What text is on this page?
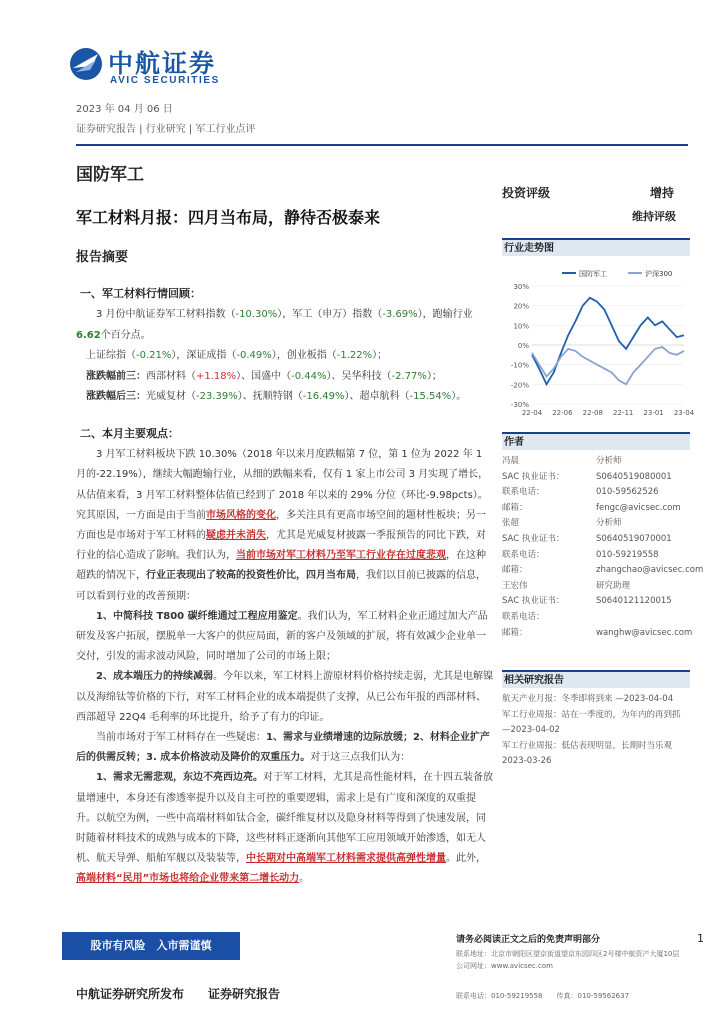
中航证券
AVIC SECURITIES
2023 年 04 月 06 日
证券研究报告 | 行业研究 | 军工行业点评
国防军工
投资评级	增持
维持评级
军工材料月报：四月当布局，静待否极泰来
报告摘要

一、军工材料行情回顾：

3 月份中航证券军工材料指数（-10.30%），军工（申万）指数（-3.69%），跑输行业6.62个百分点。

上证综指（-0.21%），深证成指（-0.49%），创业板指（-1.22%）；

涨跌幅前三：西部材料（+1.18%）、国盛中（-0.44%）、吴华科技（-2.77%）；

涨跌幅后三：光威复材（-23.39%）、抚顺特钢（-16.49%）、超卓航科（-15.54%）。

二、本月主要观点：

3 月军工材料板块下跌 10.30%（2018 年以来月度跌幅第 7 位，第 1 位为 2022 年 1 月的-22.19%），继续大幅跑输行业，从细的跌幅来看，仅有 1 家上市公司 3 月实现了增长，从估值来看，3 月军工材料整体估值已经到了 2018 年以来的 29% 分位（环比-9.98pcts）。究其原因，一方面是由于当前市场风格的变化，多关注具有更高市场空间的题材性板块；另一方面也是市场对于军工材料的疑虑并未消失，尤其是光威复材披露一季报预告的同比下跌，对行业的信心造成了影响。我们认为，当前市场对军工材料乃至军工行业存在过度悲观，在这种超跌的情况下，行业正表现出了较高的投资性价比，四月当布局，我们以目前已披露的信息，可以看到行业的改善预期：

1、中简科技 T800 碳纤维通过工程应用鉴定。我们认为，军工材料企业正通过加大产品研发及客户拓展，摆脱单一大客户的供应局面，新的客户及领域的扩展，将有效减少企业单一交付，引发的需求波动风险，同时增加了公司的市场上限；

2、成本端压力的持续减弱。今年以来，军工材料上游原材料价格持续走弱，尤其是电解镍以及海绵钛等价格的下行，对军工材料企业的成本端提供了支撑，从已公布年报的西部材料、西部超导 22Q4 毛利率的环比提升，给予了有力的印证。

当前市场对于军工材料存在一些疑虑：1、需求与业绩增速的边际放缓；2、材料企业扩产后的供需反转；3. 成本价格波动及降价的双重压力。对于这三点我们认为：

1、需求无需悲观，东边不亮西边亮。对于军工材料，尤其是高性能材料，在十四五装备放量增速中，本身还有渗透率提升以及自主可控的重要逻辑，需求上是有广度和深度的双重提升。以航空为例，一些中高端材料如钛合金，碳纤维复材以及隐身材料等得到了快速发展，同时随着材料技术的成熟与成本的下降，这些材料正逐渐向其他军工应用领域开始渗透，如无人机、航天导弹、船舶军舰以及装装等，中长期对中高端军工材料需求提供高弹性增量。此外，高端材料“民用”市场也将给企业带来第二增长动力。

行业走势图
30%
20%
10%
0%
-10%
-20%
-30%
22-04 22-06 22-08 22-11 23-01 23-04
国防军工	沪深300
作者
冯晨	分析师
SAC 执业证书：	S0640519080001
联系电话：	010-59562526
邮箱：	fengc@avicsec.com
张超	分析师
SAC 执业证书：	S0640519070001
联系电话：	010-59219558
邮箱：	zhangchao@avicsec.com
王宏伟	研究助理
SAC 执业证书：	S0640121120015
联系电话：
邮箱：	wanghw@avicsec.com
相关研究报告
航天产业月报：冬季即将到来 —2023-04-04
军工行业周报：站在一季度的，为年内的再到抓 —2023-04-02
军工行业周报：低估表现明显，长期时当乐观 2023-03-26
股市有风险　入市需谨慎	请务必阅读正文之后的免责声明部分	1
联系地址：北京市朝阳区望京街道望京东园四区2号楼中航资产大厦10层
公司网址：www.avicsec.com
联系电话：010-59219558　　传真：010-59562637
中航证券研究所发布　　证券研究报告
